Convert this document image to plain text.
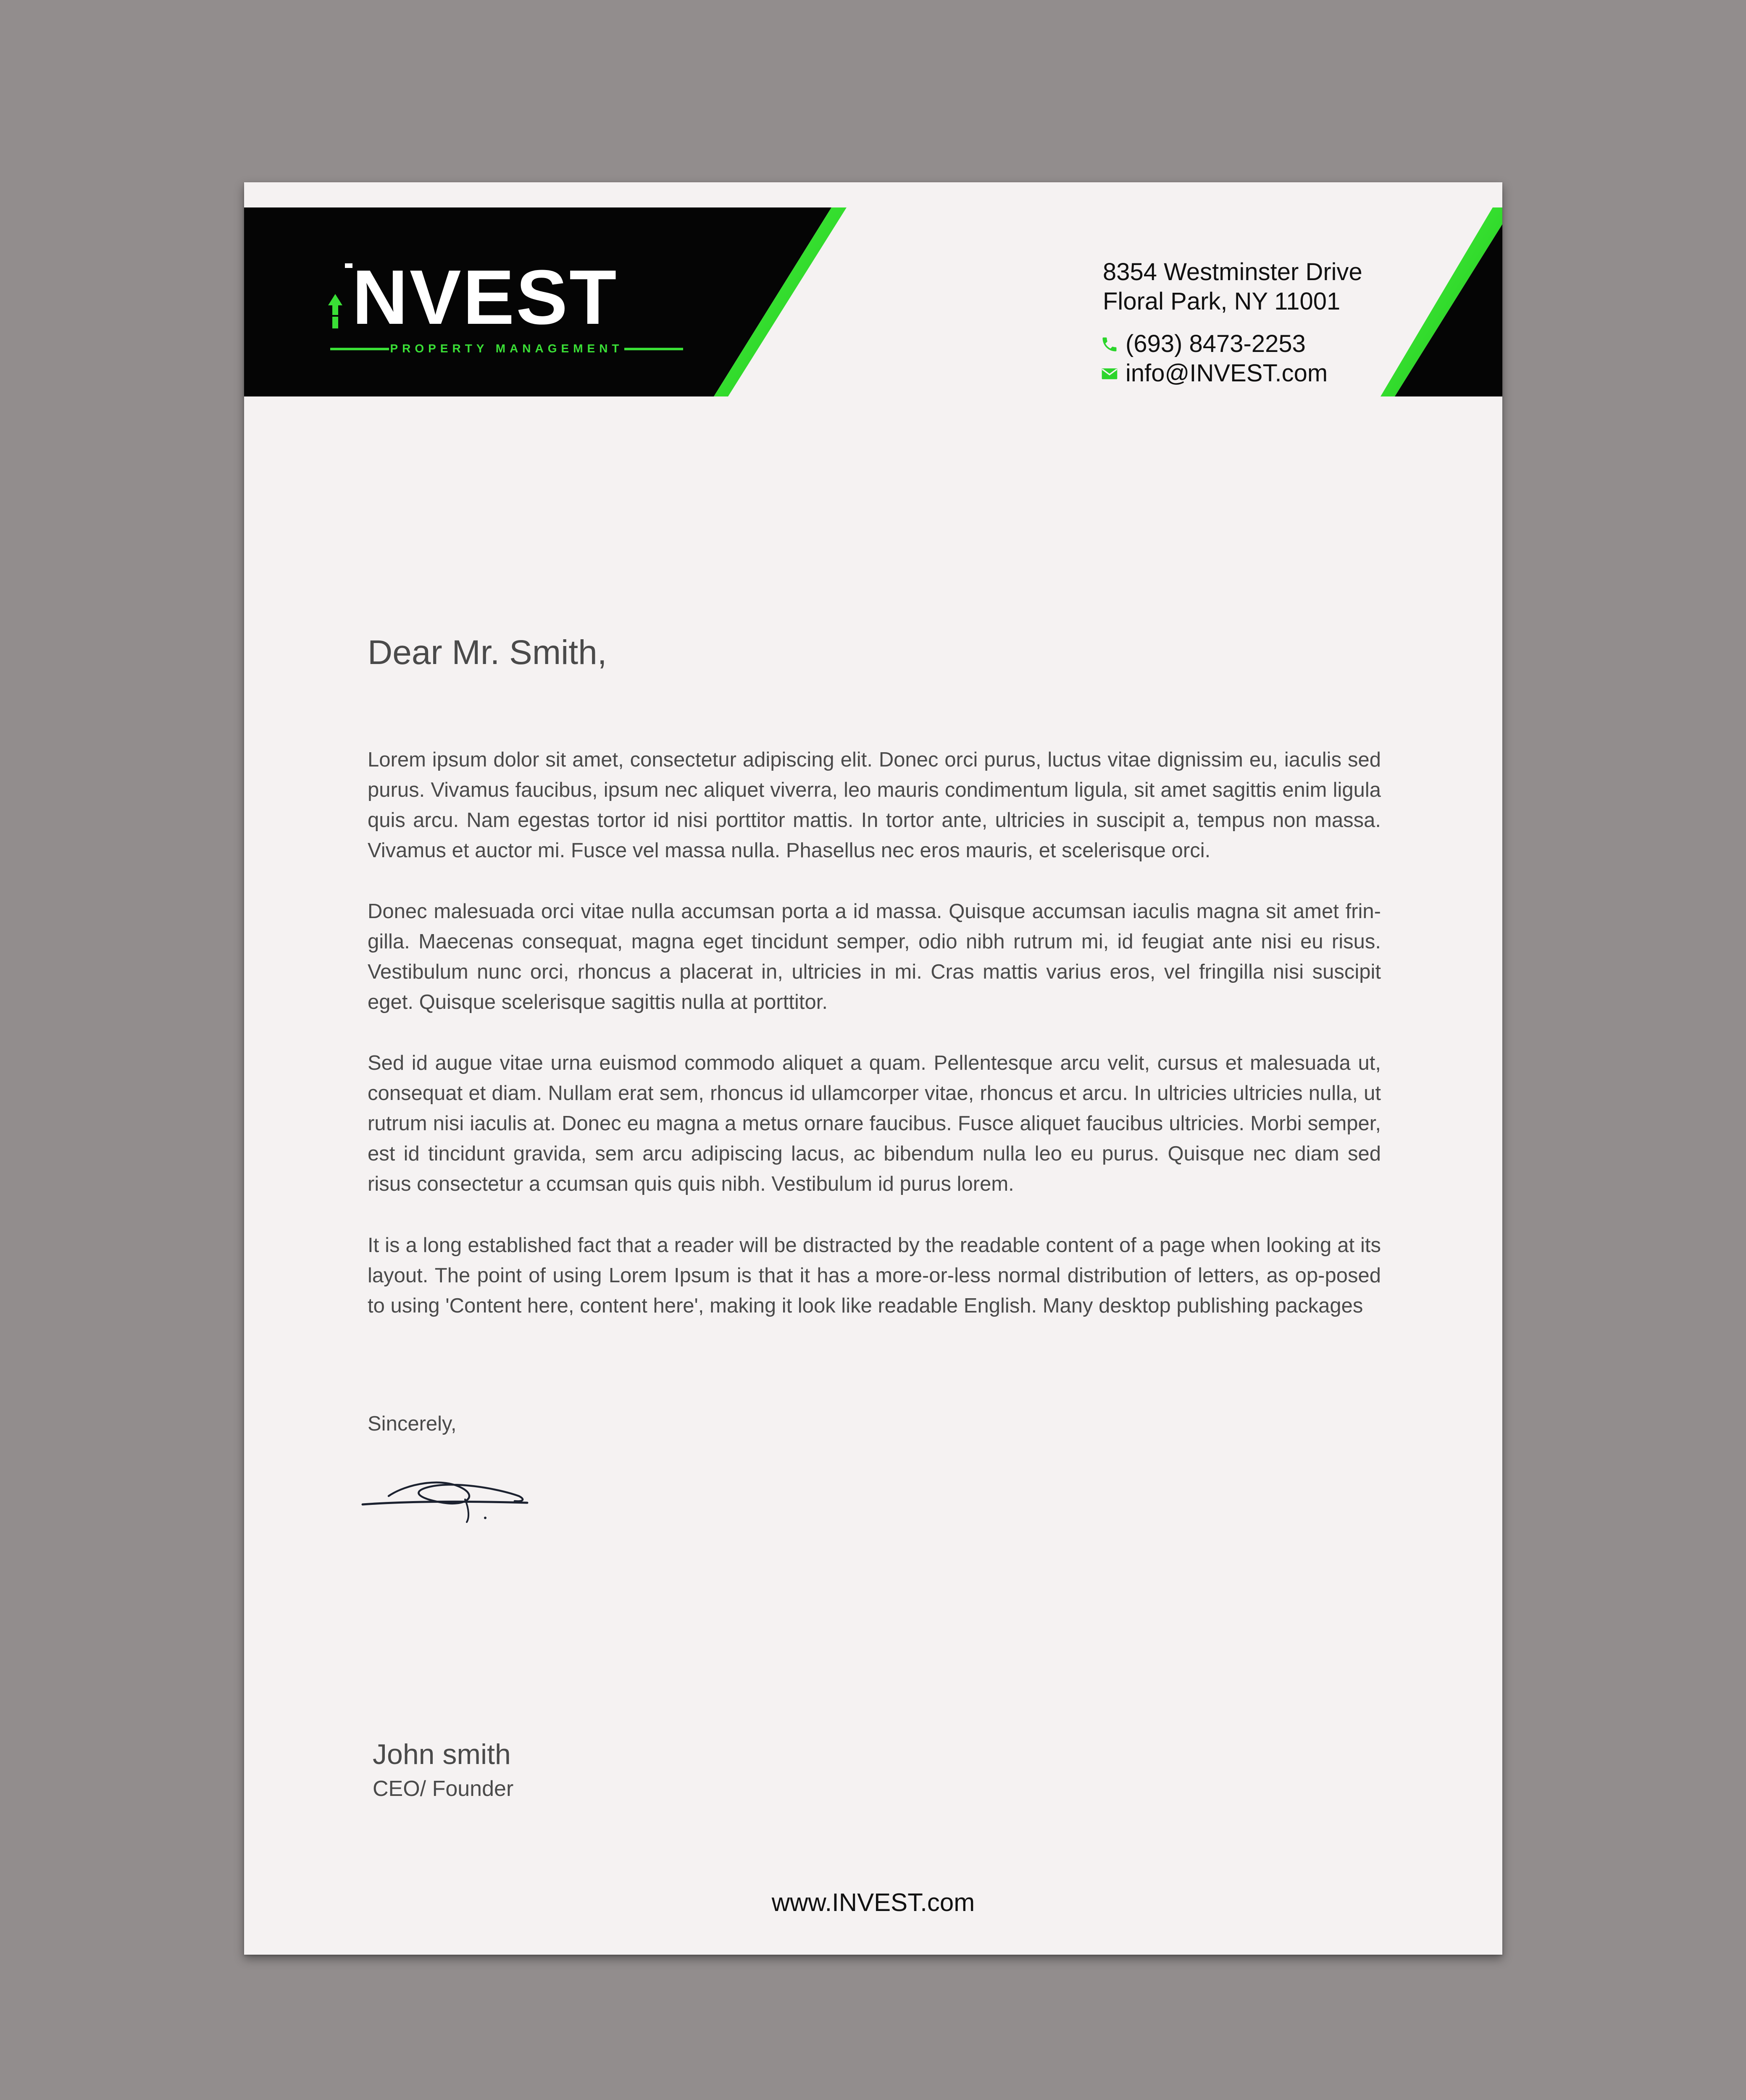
NVEST
PROPERTY MANAGEMENT
8354 Westminster Drive
Floral Park, NY 11001
(693) 8473-2253
info@INVEST.com
Dear Mr. Smith,

Lorem ipsum dolor sit amet, consectetur adipiscing elit. Donec orci purus, luctus vitae dignissim eu, iaculis sed purus. Vivamus faucibus, ipsum nec aliquet viverra, leo mauris condimentum ligula, sit amet sagittis enim ligula quis arcu. Nam egestas tortor id nisi porttitor mattis. In tortor ante, ultricies in suscipit a, tempus non massa. Vivamus et auctor mi. Fusce vel massa nulla. Phasellus nec eros mauris, et scelerisque orci.

Donec malesuada orci vitae nulla accumsan porta a id massa. Quisque accumsan iaculis magna sit amet frin-gilla. Maecenas consequat, magna eget tincidunt semper, odio nibh rutrum mi, id feugiat ante nisi eu risus. Vestibulum nunc orci, rhoncus a placerat in, ultricies in mi. Cras mattis varius eros, vel fringilla nisi suscipit eget. Quisque scelerisque sagittis nulla at porttitor.

Sed id augue vitae urna euismod commodo aliquet a quam. Pellentesque arcu velit, cursus et malesuada ut, consequat et diam. Nullam erat sem, rhoncus id ullamcorper vitae, rhoncus et arcu. In ultricies ultricies nulla, ut rutrum nisi iaculis at. Donec eu magna a metus ornare faucibus. Fusce aliquet faucibus ultricies. Morbi semper, est id tincidunt gravida, sem arcu adipiscing lacus, ac bibendum nulla leo eu purus. Quisque nec diam sed risus consectetur a ccumsan quis quis nibh. Vestibulum id purus lorem.

It is a long established fact that a reader will be distracted by the readable content of a page when looking at its layout. The point of using Lorem Ipsum is that it has a more-or-less normal distribution of letters, as op-posed to using 'Content here, content here', making it look like readable English. Many desktop publishing packages

Sincerely,
John smith
CEO/ Founder
www.INVEST.com
